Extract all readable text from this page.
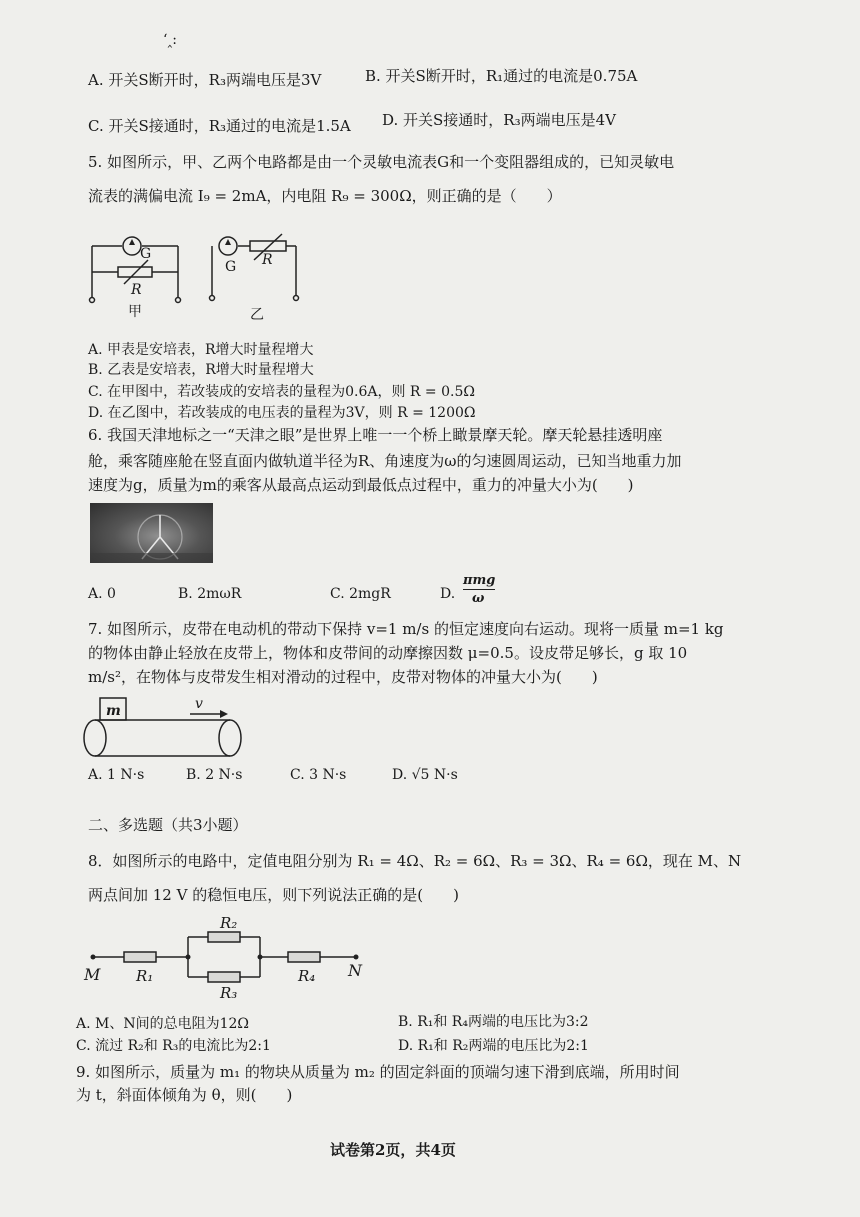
‘‸:
A. 开关S断开时，R₃两端电压是3V	B. 开关S断开时，R₁通过的电流是0.75A
C. 开关S接通时，R₃通过的电流是1.5A D. 开关S接通时，R₃两端电压是4V
5. 如图所示，甲、乙两个电路都是由一个灵敏电流表G和一个变阻器组成的，已知灵敏电
流表的满偏电流 I₉ = 2mA，内电阻 R₉ = 300Ω，则正确的是（　　）
G
R
G R
甲	乙
A. 甲表是安培表，R增大时量程增大
B. 乙表是安培表，R增大时量程增大
C. 在甲图中，若改装成的安培表的量程为0.6A，则 R = 0.5Ω
D. 在乙图中，若改装成的电压表的量程为3V，则 R = 1200Ω
6. 我国天津地标之一“天津之眼”是世界上唯一一个桥上瞰景摩天轮。摩天轮悬挂透明座
舱，乘客随座舱在竖直面内做轨道半径为R、角速度为ω的匀速圆周运动，已知当地重力加
速度为g，质量为m的乘客从最高点运动到最低点过程中，重力的冲量大小为(　　)
A. 0	B. 2mωR	C. 2mgR	D.
πmg
ω
7. 如图所示，皮带在电动机的带动下保持 v=1 m/s 的恒定速度向右运动。现将一质量 m=1 kg
的物体由静止轻放在皮带上，物体和皮带间的动摩擦因数 μ=0.5。设皮带足够长，g 取 10
m/s²，在物体与皮带发生相对滑动的过程中，皮带对物体的冲量大小为(　　)
m	v
A. 1 N·s	B. 2 N·s	C. 3 N·s	D. √5 N·s
二、多选题（共3小题）
8．如图所示的电路中，定值电阻分别为 R₁ = 4Ω、R₂ = 6Ω、R₃ = 3Ω、R₄ = 6Ω，现在 M、N
两点间加 12 V 的稳恒电压，则下列说法正确的是(　　)
M	N
R₁
R₂
R₃
R₄
A. M、N间的总电阻为12Ω	B. R₁和 R₄两端的电压比为3:2
C. 流过 R₂和 R₃的电流比为2:1	D. R₁和 R₂两端的电压比为2:1
9. 如图所示，质量为 m₁ 的物块从质量为 m₂ 的固定斜面的顶端匀速下滑到底端，所用时间
为 t，斜面体倾角为 θ，则(　　)
试卷第2页，共4页
